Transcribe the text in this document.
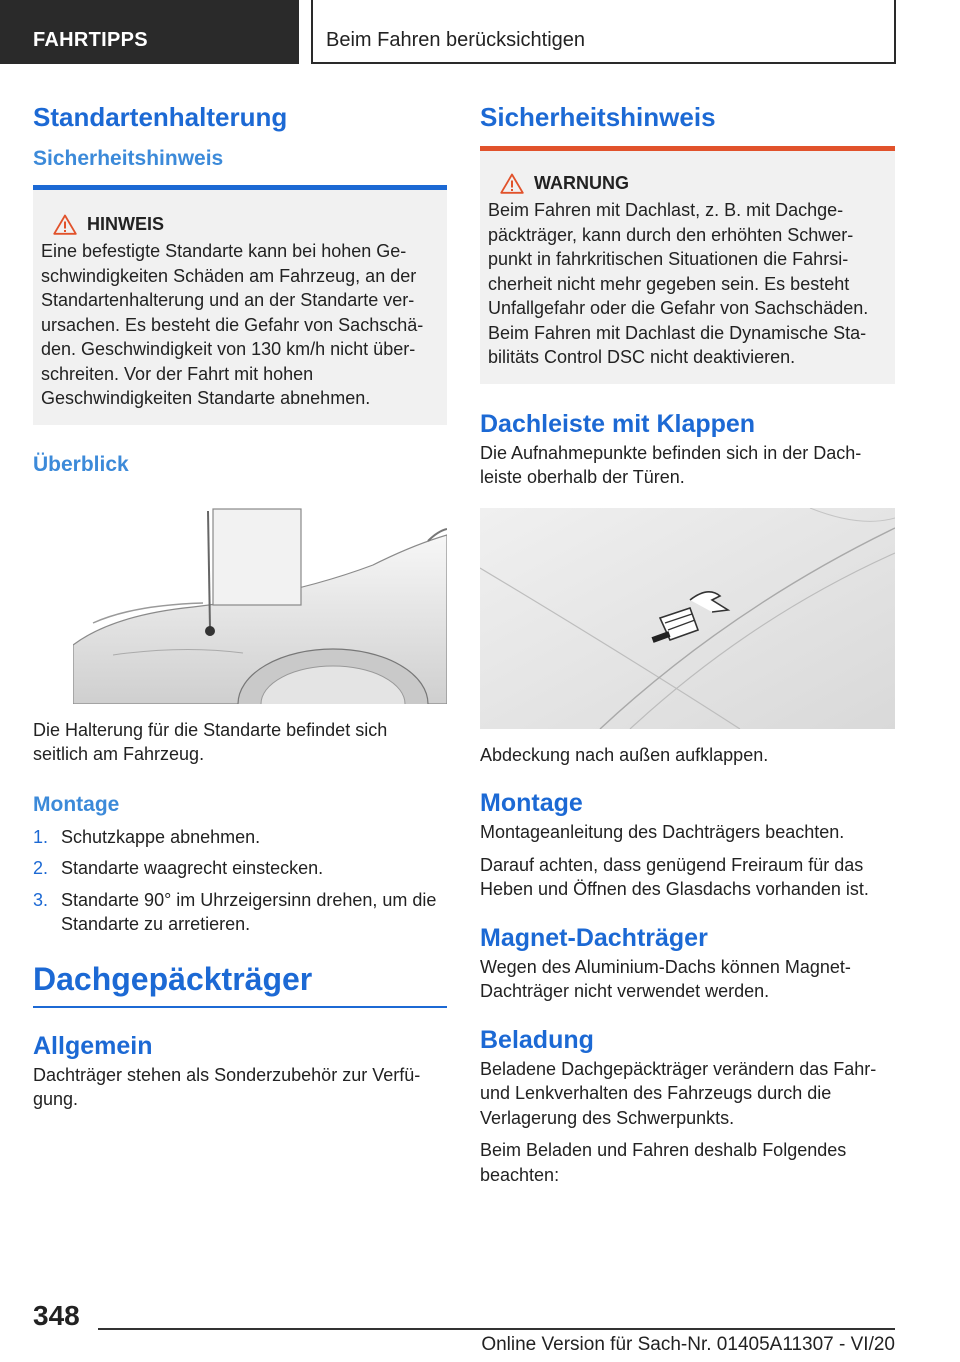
FAHRTIPPS	Beim Fahren berücksichtigen
Standartenhalterung
Sicherheitshinweis
HINWEIS
Eine befestigte Standarte kann bei hohen Geschwindigkeiten Schäden am Fahrzeug, an der Standartenhalterung und an der Standarte verursachen. Es besteht die Gefahr von Sachschäden. Geschwindigkeit von 130 km/h nicht überschreiten. Vor der Fahrt mit hohen Geschwindigkeiten Standarte abnehmen.
Überblick
Die Halterung für die Standarte befindet sich seitlich am Fahrzeug.
Montage
1. Schutzkappe abnehmen.
2. Standarte waagrecht einstecken.
3. Standarte 90° im Uhrzeigersinn drehen, um die Standarte zu arretieren.
Dachgepäckträger
Allgemein
Dachträger stehen als Sonderzubehör zur Verfügung.
Sicherheitshinweis
WARNUNG
Beim Fahren mit Dachlast, z. B. mit Dachgepäckträger, kann durch den erhöhten Schwerpunkt in fahrkritischen Situationen die Fahrsicherheit nicht mehr gegeben sein. Es besteht Unfallgefahr oder die Gefahr von Sachschäden. Beim Fahren mit Dachlast die Dynamische Stabilitäts Control DSC nicht deaktivieren.
Dachleiste mit Klappen
Die Aufnahmepunkte befinden sich in der Dachleiste oberhalb der Türen.
Abdeckung nach außen aufklappen.
Montage
Montageanleitung des Dachträgers beachten.
Darauf achten, dass genügend Freiraum für das Heben und Öffnen des Glasdachs vorhanden ist.
Magnet-Dachträger
Wegen des Aluminium-Dachs können Magnet-Dachträger nicht verwendet werden.
Beladung
Beladene Dachgepäckträger verändern das Fahr- und Lenkverhalten des Fahrzeugs durch die Verlagerung des Schwerpunkts.
Beim Beladen und Fahren deshalb Folgendes beachten:
348
Online Version für Sach-Nr. 01405A11307 - VI/20
